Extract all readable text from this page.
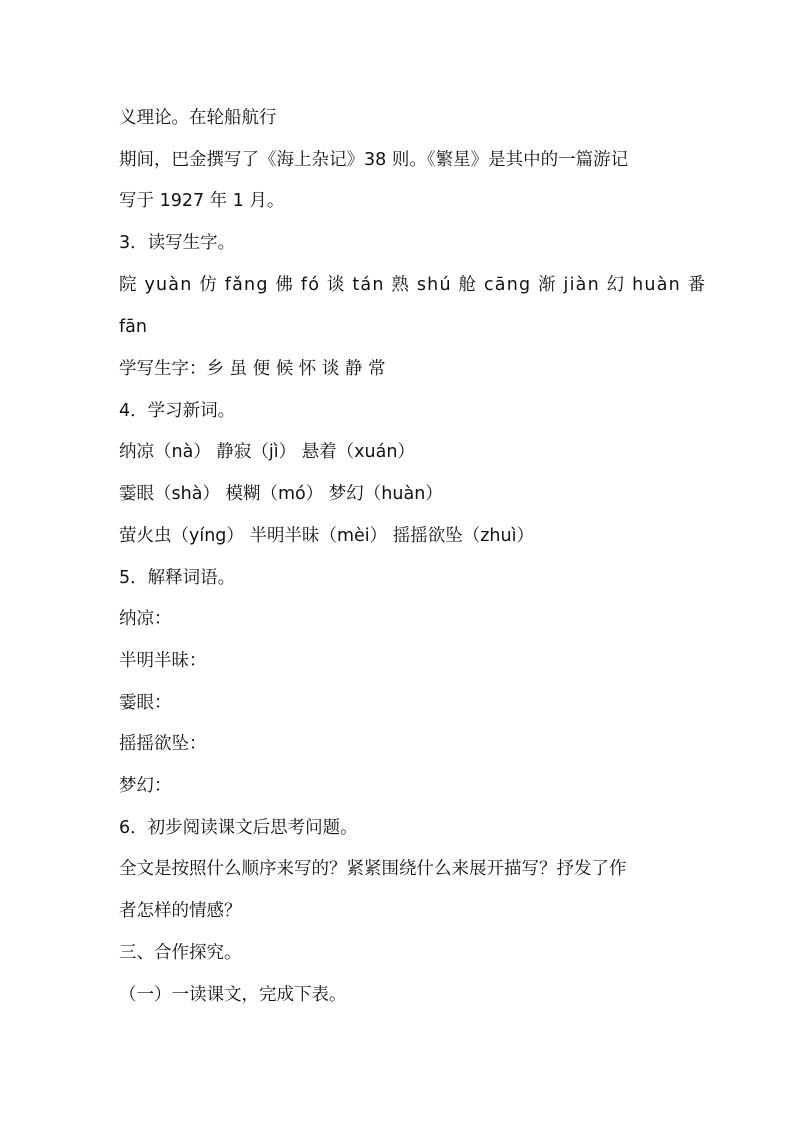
义理论。在轮船航行
期间，巴金撰写了《海上杂记》38 则。《繁星》是其中的一篇游记
写于 1927 年 1 月。
3．读写生字。
院 yuàn 仿 fǎng 佛 fó 谈 tán 熟 shú 舱 cāng 渐 jiàn 幻 huàn 番
fān
学写生字：乡 虽 便 候 怀 谈 静 常
4．学习新词。
纳凉（nà） 静寂（jì） 悬着（xuán）
霎眼（shà） 模糊（mó） 梦幻（huàn）
萤火虫（yíng） 半明半昧（mèi） 摇摇欲坠（zhuì）
5．解释词语。
纳凉：
半明半昧：
霎眼：
摇摇欲坠：
梦幻：
6．初步阅读课文后思考问题。
全文是按照什么顺序来写的？紧紧围绕什么来展开描写？抒发了作
者怎样的情感？
三、合作探究。
（一）一读课文，完成下表。
